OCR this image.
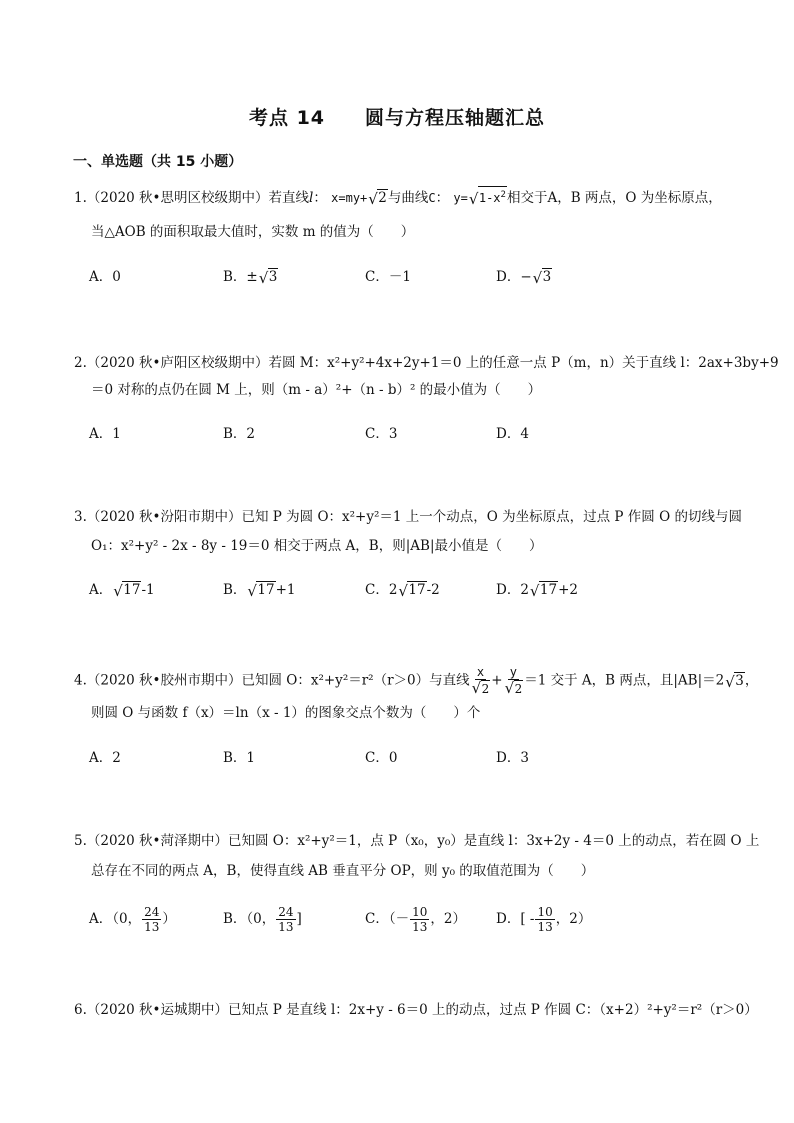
考点 14 圆与方程压轴题汇总
一、单选题（共 15 小题）
1.（2020 秋•思明区校级期中）若直线l： x=my+ √ 2与曲线C： y= √ $1-x^2$相交于A，B 两点，O 为坐标原点，
当△AOB 的面积取最大值时，实数 m 的值为（　　）
A．0	B．± √ 3	C．－1	D．− √ 3
2.（2020 秋•庐阳区校级期中）若圆 M：x²+y²+4x+2y+1＝0 上的任意一点 P（m，n）关于直线 l：2ax+3by+9
＝0 对称的点仍在圆 M 上，则（m - a）²+（n - b）² 的最小值为（　　）
A．1	B．2	C．3	D．4
3.（2020 秋•汾阳市期中）已知 P 为圆 O：x²+y²＝1 上一个动点，O 为坐标原点，过点 P 作圆 O 的切线与圆
O₁：x²+y² - 2x - 8y - 19＝0 相交于两点 A，B，则|AB|最小值是（　　）
A． √ 17-1	B． √ 17+1	C．2 √ 17-2	D．2 √ 17+2
4.（2020 秋•胶州市期中）已知圆 O：x²+y²＝r²（r＞0）与直线 $\frac{x}{√ 2} + \frac{y}{√ 2} =1$ 交于 A，B 两点，且|AB|＝2 √ 3，
则圆 O 与函数 f（x）＝ln（x - 1）的图象交点个数为（　　）个
A．2	B．1	C．0	D．3
5.（2020 秋•菏泽期中）已知圆 O：x²+y²＝1，点 P（x₀，y₀）是直线 l：3x+2y - 4＝0 上的动点，若在圆 O 上
总存在不同的两点 A，B，使得直线 AB 垂直平分 OP，则 y₀ 的取值范围为（　　）
A．（0， $\frac{24}{13}$ ）	B．（0， $\frac{24}{13}$ ]	C．（－ $\frac{10}{13}$ ，2） D．[ - $\frac{10}{13}$ ，2）
6.（2020 秋•运城期中）已知点 P 是直线 l：2x+y - 6＝0 上的动点，过点 P 作圆 C：（x+2）²+y²＝r²（r＞0）
